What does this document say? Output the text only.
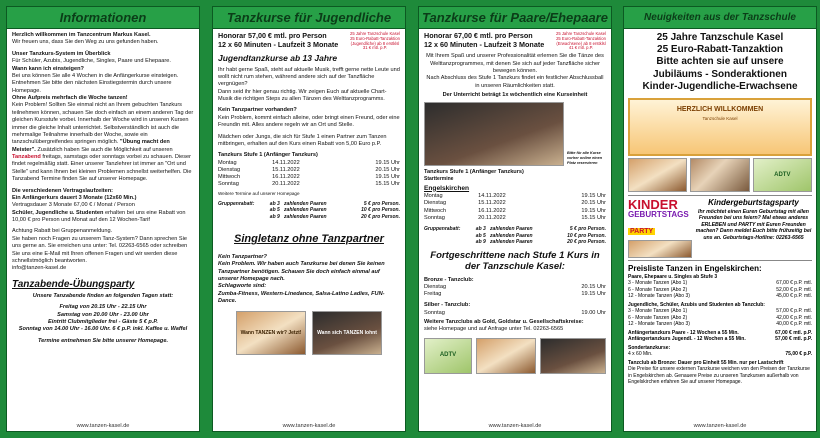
Informationen
Herzlich willkommen im Tanzcentrum Markus Kasel.
Wir freuen uns, dass Sie den Weg zu uns gefunden haben.
Unser Tanzkurs-System im Überblick
Für Schüler, Azubis, Jugendliche, Singles, Paare und Ehepaare.
Wann kann ich einsteigen?
Bei uns können Sie alle 4 Wochen in die Anfängerkurse einsteigen. Entnehmen Sie bitte den nächsten Einstiegstermin durch unsere Homepage.
Ohne Aufpreis mehrfach die Woche tanzen!
Kein Problem! Sollten Sie einmal nicht an Ihrem gebuchten Tanzkurs teilnehmen können, schauen Sie doch einfach an einem anderen Tag der gleichen Kursstufe vorbei. Innerhalb der Woche wird in unseren Kursen immer die gleiche Inhalt unterrichtet. Selbstverständlich ist auch die mehrmalige Teilnahme innerhalb der Woche, sowie ein tanzschulübergreifendes springen möglich. "Übung macht den Meister". Zusätzlich haben Sie auch die Möglichkeit auf unseren Tanzabend freitags, samstags oder sonntags vorbei zu schauen. Dieser findet regelmäßig statt. Einer unserer Tanzlehrer ist immer an "Ort und Stelle" und kann Ihnen bei kleinen Problemen schnellst weiterhelfen. Die Tanzabend Termine finden Sie auf unserer Homepage.
Die verschiedenen Vertragslaufzeiten:
Ein Anfängerkurs dauert 3 Monate (12x60 Min.)
Vertragsdauer 3 Monate 67,00 € / Monat / Person
Schüler, Jugendliche u. Studenten erhalten bei uns eine Rabatt von 10,00 € pro Person und Monat auf den 12 Wochen-Tarif
Achtung Rabatt bei Gruppenanmeldung.
Sie haben noch Fragen zu unserem Tanz-System? Dann sprechen Sie uns gerne an. Sie erreichen uns unter: Tel. 02263-6565 oder schreiben Sie uns eine E-Mail mit Ihren offenen Fragen und wir werden diese schnellstmöglich beantworten.
info@tanzen-kasel.de
Tanzabende-Übungsparty
Unsere Tanzabende finden an folgenden Tagen statt:
Freitag von 20.15 Uhr - 22.15 Uhr
Samstag von 20.00 Uhr - 23.00 Uhr
Eintritt Clubmitglieder frei - Gäste 5 € p.P.
Sonntag von 14.00 Uhr - 16.00 Uhr. 6 € p.P. inkl. Kaffee u. Waffel
Termine entnehmen Sie bitte unserer Homepage.
www.tanzen-kasel.de
Tanzkurse für Jugendliche
25 Jahre Tanzschule Kasel 25 Euro-Rabatt-Tanzaktion (Jugendliche) ab 8 erstklsl 31 € mtl. p.P.
Honorar 57,00 € mtl. pro Person
12 x 60 Minuten - Laufzeit 3 Monate
Jugendtanzkurse ab 13 Jahre
Ihr habt gerne Spaß, steht auf aktuelle Musik, trefft gerne nette Leute und wollt nicht rum stehen, während andere sich auf der Tanzfläche vergnügen?
Dann seid ihr hier genau richtig. Wir zeigen Euch auf aktuelle Chart-Musik die richtigen Steps zu allen Tänzen des Welttanzprogramms.
Kein Tanzpartner vorhanden?
Kein Problem, kommt einfach alleine, oder bringt einen Freund, oder eine Freundin mit. Alles andere regeln wir an Ort und Stelle.
Mädchen oder Jungs, die sich für Stufe 1 einen Partner zum Tanzen mitbringen, erhalten auf den Kurs einen Rabatt von 5,00 Euro p.P.
Tanzkurs Stufe 1 (Anfänger Tanzkurs)
Montag	14.11.2022	19.15 Uhr
Dienstag	15.11.2022	20.15 Uhr
Mittwoch	16.11.2022	19.15 Uhr
Sonntag	20.11.2022	15.15 Uhr
Weitere Termine auf unserer Homepage
Gruppenrabatt:	ab 3	zahlenden Paaren	5 € pro Person.
	ab 5	zahlenden Paaren	10 € pro Person.
	ab 9	zahlenden Paaren	20 € pro Person.
Singletanz ohne Tanzpartner
Kein Tanzpartner?
Kein Problem. Wir haben auch Tanzkurse bei denen Sie keinen Tanzpartner benötigen. Schauen Sie doch einfach einmal auf unserer Homepage nach.
Schlagworte sind:
Zumba-Fitness, Western-Linedance, Salsa-Latino Ladies, FUN-Dance.
Wann TANZEN wir? Jetzt!	Wann sich TANZEN lohnt
www.tanzen-kasel.de
Tanzkurse für Paare/Ehepaare
25 Jahre Tanzschule Kasel 25 Euro-Rabatt-Tanzaktion (Erwachsene) ab 8 erstklsl 41 € mtl. p.P.
Honorar 67,00 € mtl. pro Person
12 x 60 Minuten - Laufzeit 3 Monate
Mit Ihrem Spaß und unserer Professionalität erlernen Sie die Tänze des Welttanzprogrammes, mit denen Sie sich auf jeder Tanzfläche sicher bewegen können.
Nach Abschluss des Stufe 1 Tanzkurs findet ein festlicher Abschlussball in unseren Räumlichkeiten statt.
Der Unterricht beträgt 1x wöchentlich eine Kurseinheit
Bitte für alle Kurse vorher online einen Platz reservieren
Tanzkurs Stufe 1 (Anfänger Tanzkurs)
Starttermine
Engelskirchen
Montag	14.11.2022	19.15 Uhr
Dienstag	15.11.2022	20.15 Uhr
Mittwoch	16.11.2022	19.15 Uhr
Sonntag	20.11.2022	15.15 Uhr
Gruppenrabatt:	ab 3	zahlenden Paaren	5 € pro Person.
	ab 5	zahlenden Paaren	10 € pro Person.
	ab 9	zahlenden Paaren	20 € pro Person.
Fortgeschrittene nach Stufe 1 Kurs in der Tanzschule Kasel:
Bronze - Tanzclub:
Dienstag	20.15 Uhr
Freitag	19.15 Uhr
Silber - Tanzclub:
Sonntag	19.00 Uhr
Weitere Tanzclubs ab Gold, Goldstar u. Gesellschaftskreise:
siehe Homepage und auf Anfrage unter Tel. 02263-6565
ADTV
www.tanzen-kasel.de
Neuigkeiten aus der Tanzschule
25 Jahre Tanzschule Kasel
25 Euro-Rabatt-Tanzaktion
Bitte achten sie auf unsere
Jubiläums - Sonderaktionen
Kinder-Jugendliche-Erwachsene
HERZLICH WILLKOMMEN
Tanzschule Kasel
ADTV
KINDER
GEBURTSTAGS
PARTY
Kindergeburtstagsparty
Ihr möchtet einen Euren Geburtstag mit allen Freunden bei uns feiern? Mal etwas anderes ERLEBEN und PARTY mit Euren Freunden machen? Dann meldet Euch bitte frühzeitig bei uns an. Geburtstags-Hotline: 02263-6565
Preisliste Tanzen in Engelskirchen:
Paare, Ehepaare u. Singles ab Stufe 3
3 - Monate Tanzen (Abo 1)	67,00 € p.P. mtl.
6 - Monate Tanzen (Abo 2)	52,00 € p.P. mtl.
12 - Monate Tanzen (Abo 3)	45,00 € p.P. mtl.
Jugendliche, Schüler, Azubis und Studenten ab Tanzclub:
3 - Monate Tanzen (Abo 1)	57,00 € p.P. mtl.
6 - Monate Tanzen (Abo 2)	42,00 € p.P. mtl.
12 - Monate Tanzen (Abo 3)	40,00 € p.P. mtl.
Anfängertanzkurs Paare - 12 Wochen a 55 Min.	67,00 € mtl. p.P.
Anfängertanzkurs Jugendl. - 12 Wochen a 55 Min.	57,00 € mtl. p.P.
Sondertanzkurse:
4 x 60 Min.	75,00 € p.P.
Tanzclub ab Bronze: Dauer pro Einheit 55 Min. nur per Lastschrift
Die Preise für unsere externen Tanzkurse weichen von den Preisen der Tanzkurse in Engelskirchen ab. Genauere Preise zu unseren Tanzkursen außerhalb von Engelskirchen erfahren Sie auf unserer Homepage.
www.tanzen-kasel.de
